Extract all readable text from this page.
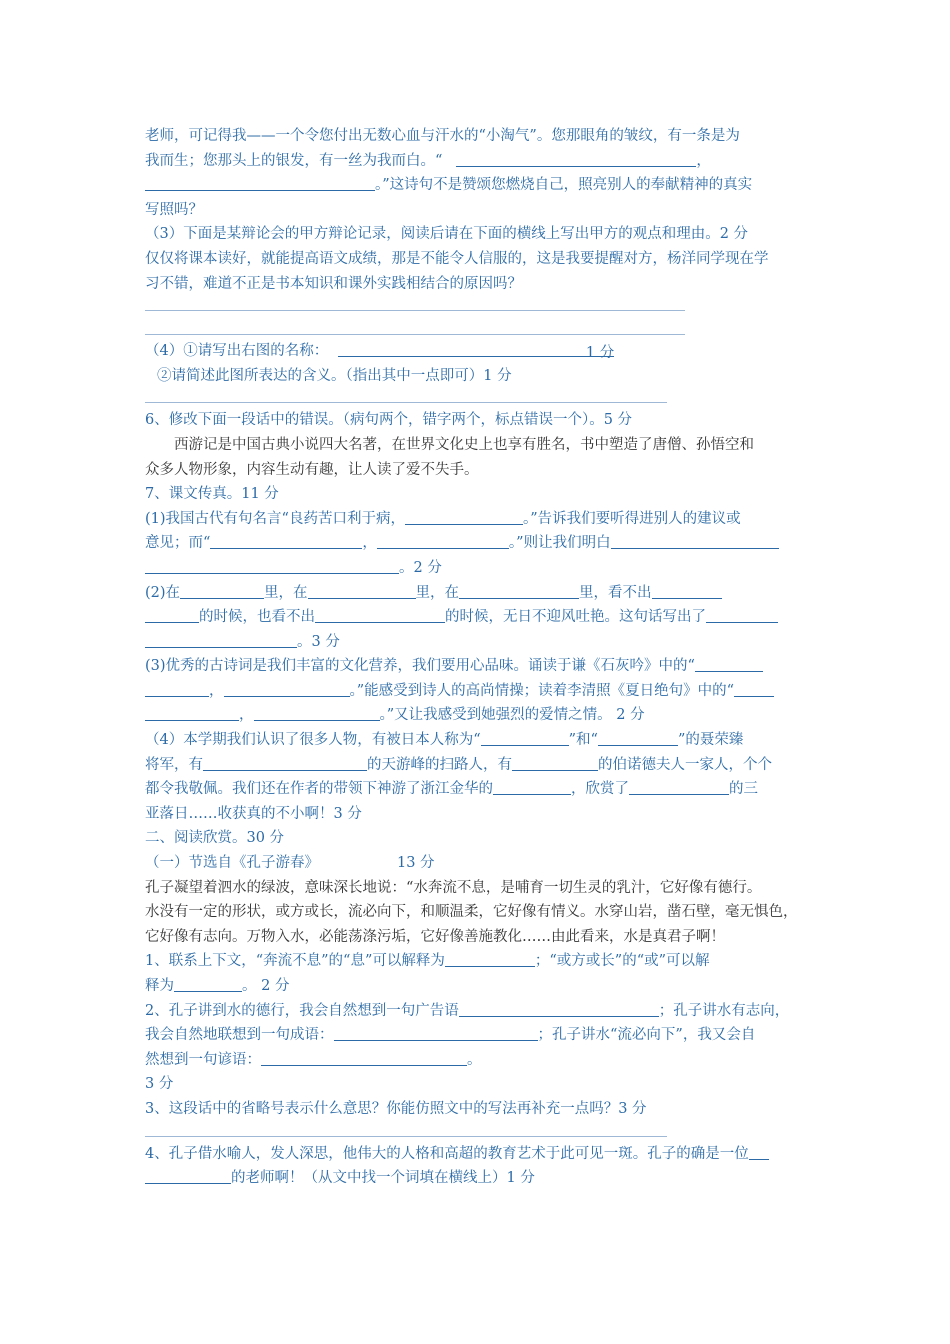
老师，可记得我——一个令您付出无数心血与汗水的“小淘气”。您那眼角的皱纹，有一条是为

我而生；您那头上的银发，有一丝为我而白。“	，

。”这诗句不是赞颂您燃烧自己，照亮别人的奉献精神的真实

写照吗？

（3）下面是某辩论会的甲方辩论记录，阅读后请在下面的横线上写出甲方的观点和理由。2 分

仅仅将课本读好，就能提高语文成绩，那是不能令人信服的，这是我要提醒对方，杨洋同学现在学

习不错，难道不正是书本知识和课外实践相结合的原因吗？

（4）①请写出右图的名称：	1 分

②请简述此图所表达的含义。（指出其中一点即可）1 分

6、修改下面一段话中的错误。（病句两个，错字两个，标点错误一个）。5 分

西游记是中国古典小说四大名著，在世界文化史上也享有胜名，书中塑造了唐僧、孙悟空和

众多人物形象，内容生动有趣，让人读了爱不失手。

7、课文传真。11 分

(1)我国古代有句名言“良药苦口利于病，	。”告诉我们要听得进别人的建议或

意见；而“	，	。”则让我们明白

。2 分

(2)在	里，在	里，在	里，看不出

的时候，也看不出	的时候，无日不迎风吐艳。这句话写出了

。3 分

(3)优秀的古诗词是我们丰富的文化营养，我们要用心品味。诵读于谦《石灰吟》中的“

，	。”能感受到诗人的高尚情操；读着李清照《夏日绝句》中的“

，	。”又让我感受到她强烈的爱情之情。 2 分

（4）本学期我们认识了很多人物，有被日本人称为“	”和“	”的聂荣臻

将军，有	的天游峰的扫路人，有	的伯诺德夫人一家人，个个

都令我敬佩。我们还在作者的带领下神游了浙江金华的	，欣赏了	的三

亚落日……收获真的不小啊！3 分

二、阅读欣赏。30 分

（一）节选自《孔子游春》	13 分

孔子凝望着泗水的绿波，意味深长地说：“水奔流不息，是哺育一切生灵的乳汁，它好像有德行。

水没有一定的形状，或方或长，流必向下，和顺温柔，它好像有情义。水穿山岩，凿石壁，毫无惧色，

它好像有志向。万物入水，必能荡涤污垢，它好像善施教化……由此看来，水是真君子啊！

1、联系上下文，“奔流不息”的“息”可以解释为	；“或方或长”的“或”可以解

释为	。 2 分

2、孔子讲到水的德行，我会自然想到一句广告语	；孔子讲水有志向，

我会自然地联想到一句成语：	；孔子讲水“流必向下”，我又会自

然想到一句谚语：	。

3 分

3、这段话中的省略号表示什么意思？你能仿照文中的写法再补充一点吗？3 分

4、孔子借水喻人，发人深思，他伟大的人格和高超的教育艺术于此可见一斑。孔子的确是一位

的老师啊！（从文中找一个词填在横线上）1 分
